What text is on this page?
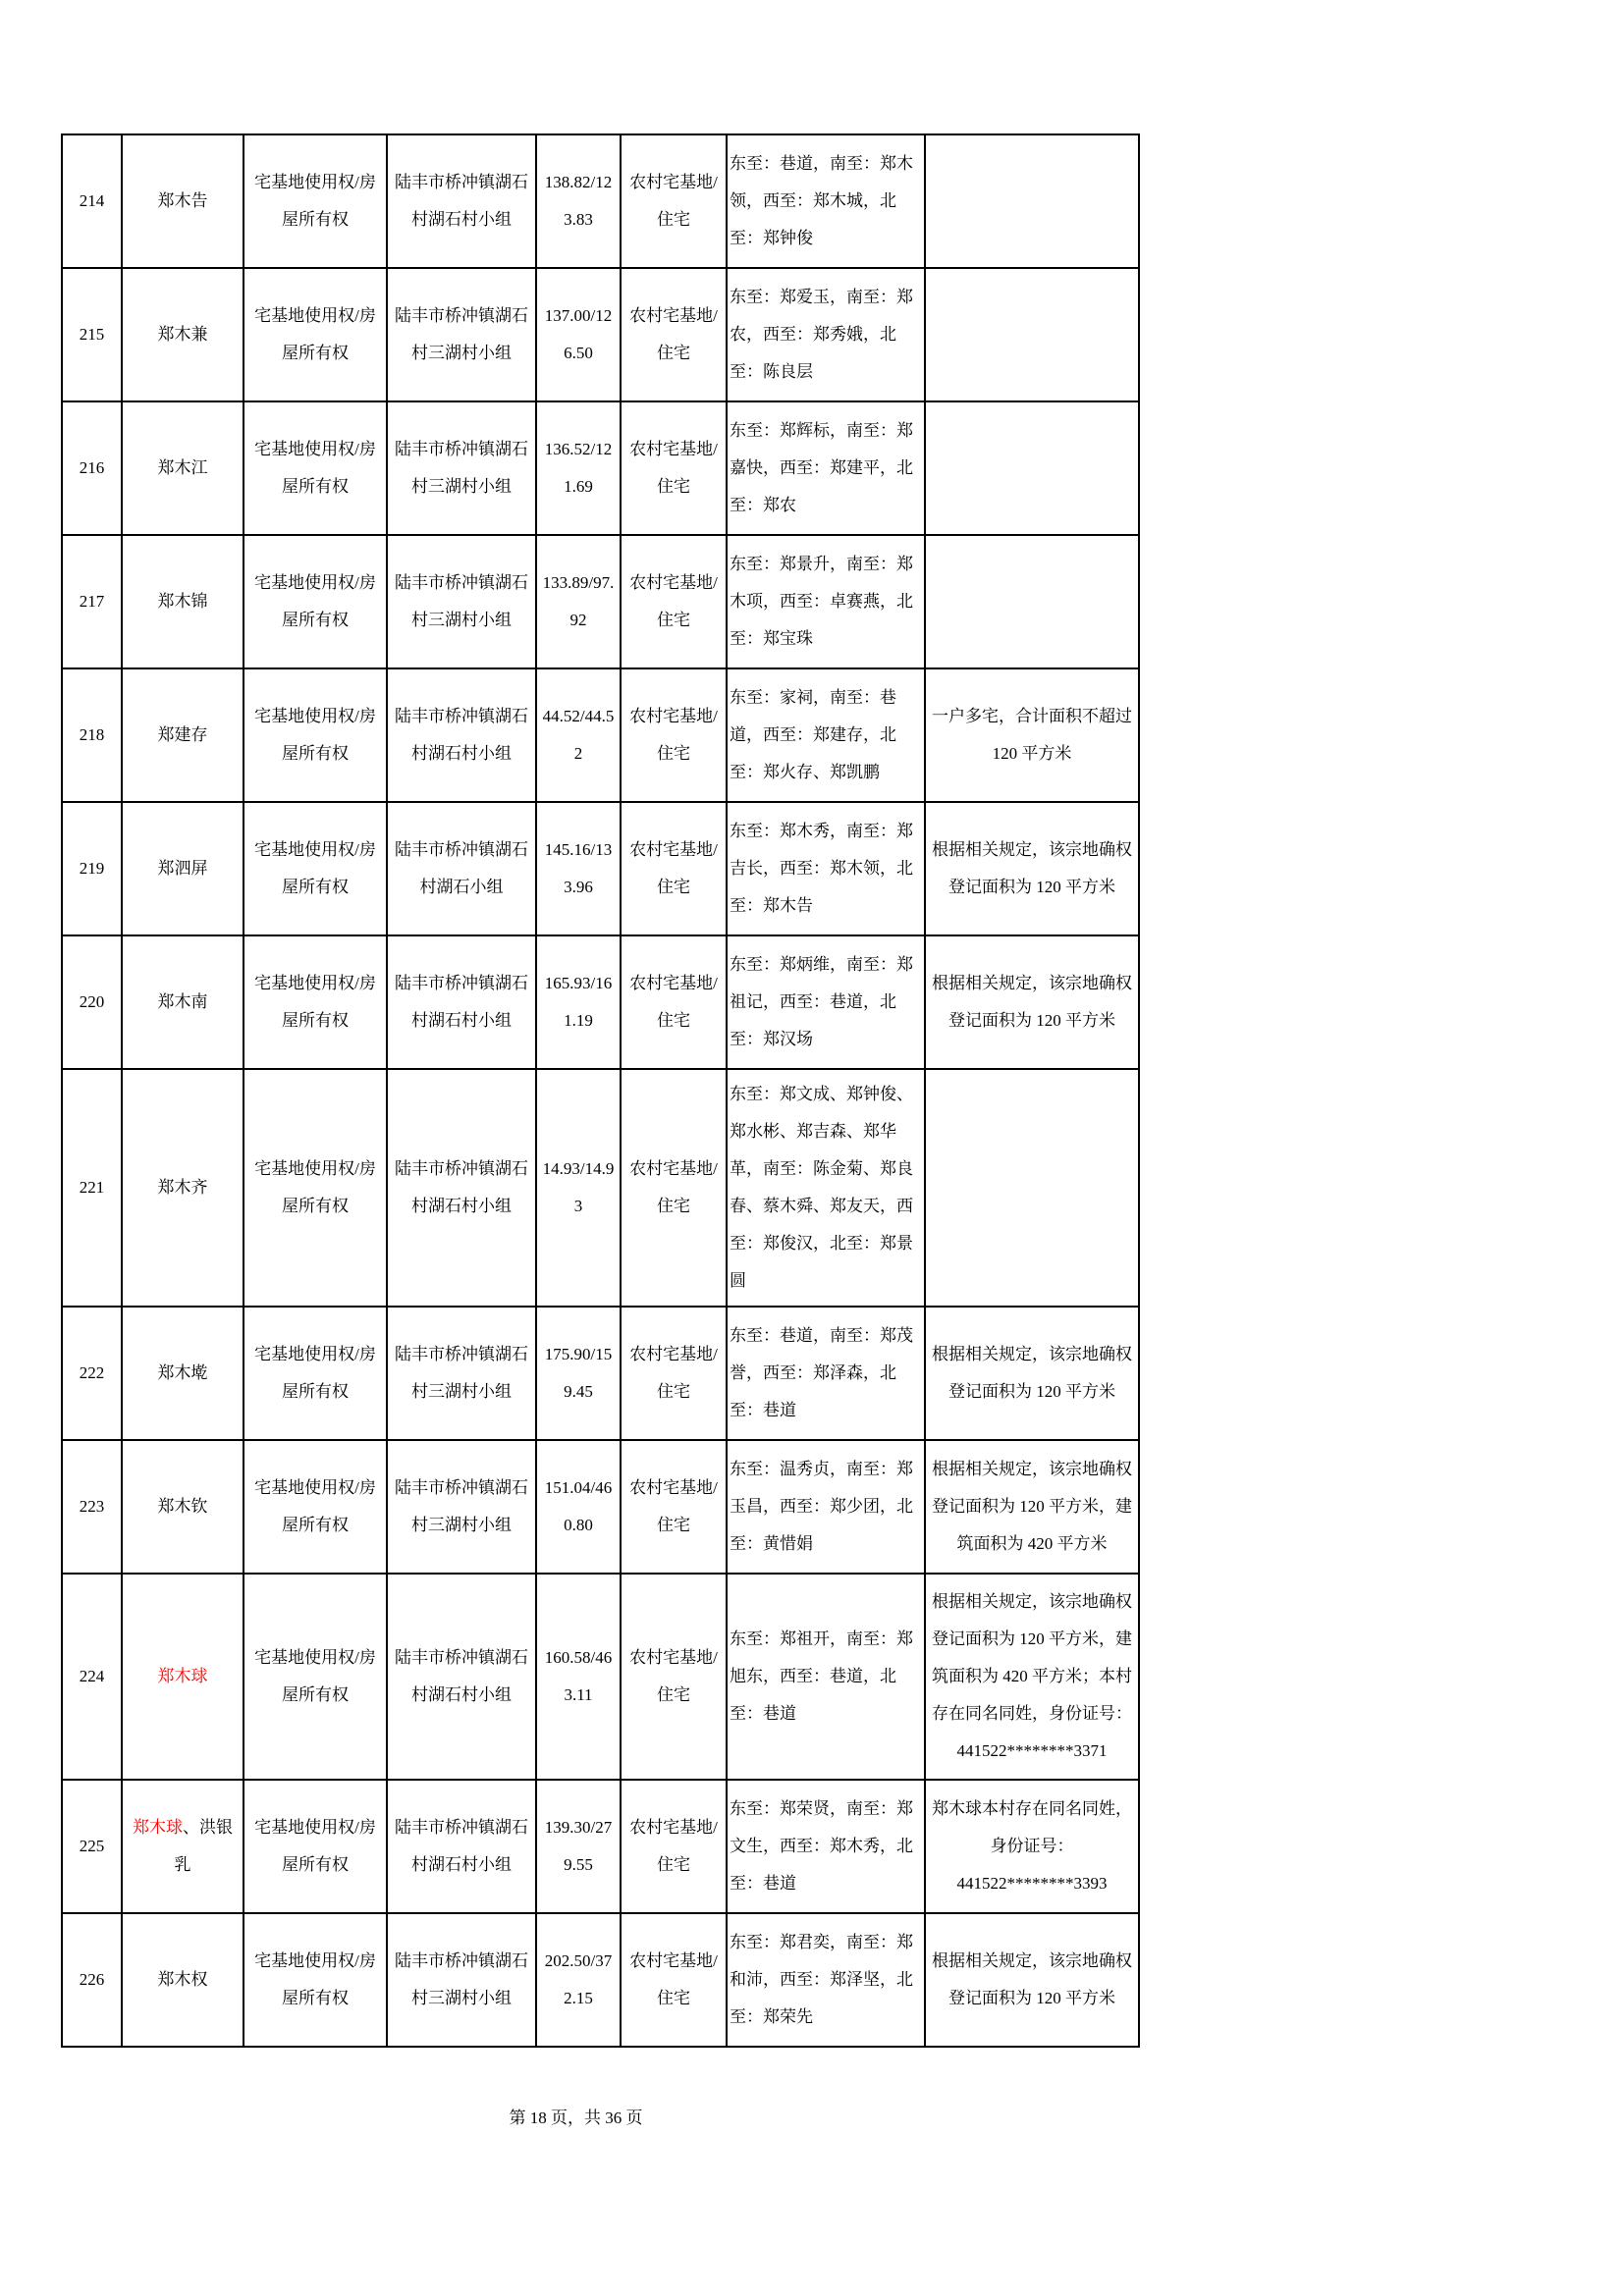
214	郑木告	宅基地使用权/房屋所有权	陆丰市桥冲镇湖石村湖石村小组	138.82/123.83	农村宅基地/住宅	东至：巷道，南至：郑木领，西至：郑木城，北至：郑钟俊	
215	郑木兼	宅基地使用权/房屋所有权	陆丰市桥冲镇湖石村三湖村小组	137.00/126.50	农村宅基地/住宅	东至：郑爱玉，南至：郑农，西至：郑秀娥，北至：陈良层	
216	郑木江	宅基地使用权/房屋所有权	陆丰市桥冲镇湖石村三湖村小组	136.52/121.69	农村宅基地/住宅	东至：郑辉标，南至：郑嘉快，西至：郑建平，北至：郑农	
217	郑木锦	宅基地使用权/房屋所有权	陆丰市桥冲镇湖石村三湖村小组	133.89/97.92	农村宅基地/住宅	东至：郑景升，南至：郑木项，西至：卓赛燕，北至：郑宝珠	
218	郑建存	宅基地使用权/房屋所有权	陆丰市桥冲镇湖石村湖石村小组	44.52/44.52	农村宅基地/住宅	东至：家祠，南至：巷道，西至：郑建存，北至：郑火存、郑凯鹏	一户多宅，合计面积不超过 120 平方米
219	郑泗屏	宅基地使用权/房屋所有权	陆丰市桥冲镇湖石村湖石小组	145.16/133.96	农村宅基地/住宅	东至：郑木秀，南至：郑吉长，西至：郑木领，北至：郑木告	根据相关规定，该宗地确权登记面积为 120 平方米
220	郑木南	宅基地使用权/房屋所有权	陆丰市桥冲镇湖石村湖石村小组	165.93/161.19	农村宅基地/住宅	东至：郑炳维，南至：郑祖记，西至：巷道，北至：郑汉场	根据相关规定，该宗地确权登记面积为 120 平方米
221	郑木齐	宅基地使用权/房屋所有权	陆丰市桥冲镇湖石村湖石村小组	14.93/14.93	农村宅基地/住宅	东至：郑文成、郑钟俊、郑水彬、郑吉森、郑华革，南至：陈金菊、郑良春、蔡木舜、郑友天，西至：郑俊汉，北至：郑景圆	
222	郑木墘	宅基地使用权/房屋所有权	陆丰市桥冲镇湖石村三湖村小组	175.90/159.45	农村宅基地/住宅	东至：巷道，南至：郑茂誉，西至：郑泽森，北至：巷道	根据相关规定，该宗地确权登记面积为 120 平方米
223	郑木钦	宅基地使用权/房屋所有权	陆丰市桥冲镇湖石村三湖村小组	151.04/460.80	农村宅基地/住宅	东至：温秀贞，南至：郑玉昌，西至：郑少团，北至：黄惜娟	根据相关规定，该宗地确权登记面积为 120 平方米，建筑面积为 420 平方米
224	郑木球	宅基地使用权/房屋所有权	陆丰市桥冲镇湖石村湖石村小组	160.58/463.11	农村宅基地/住宅	东至：郑祖开，南至：郑旭东，西至：巷道，北至：巷道	根据相关规定，该宗地确权登记面积为 120 平方米，建筑面积为 420 平方米；本村存在同名同姓，身份证号： 441522********3371
225	郑木球、洪银乳	宅基地使用权/房屋所有权	陆丰市桥冲镇湖石村湖石村小组	139.30/279.55	农村宅基地/住宅	东至：郑荣贤，南至：郑文生，西至：郑木秀，北至：巷道	郑木球本村存在同名同姓，身份证号： 441522********3393
226	郑木权	宅基地使用权/房屋所有权	陆丰市桥冲镇湖石村三湖村小组	202.50/372.15	农村宅基地/住宅	东至：郑君奕，南至：郑和沛，西至：郑泽坚，北至：郑荣先	根据相关规定，该宗地确权登记面积为 120 平方米
第 18 页，共 36 页
